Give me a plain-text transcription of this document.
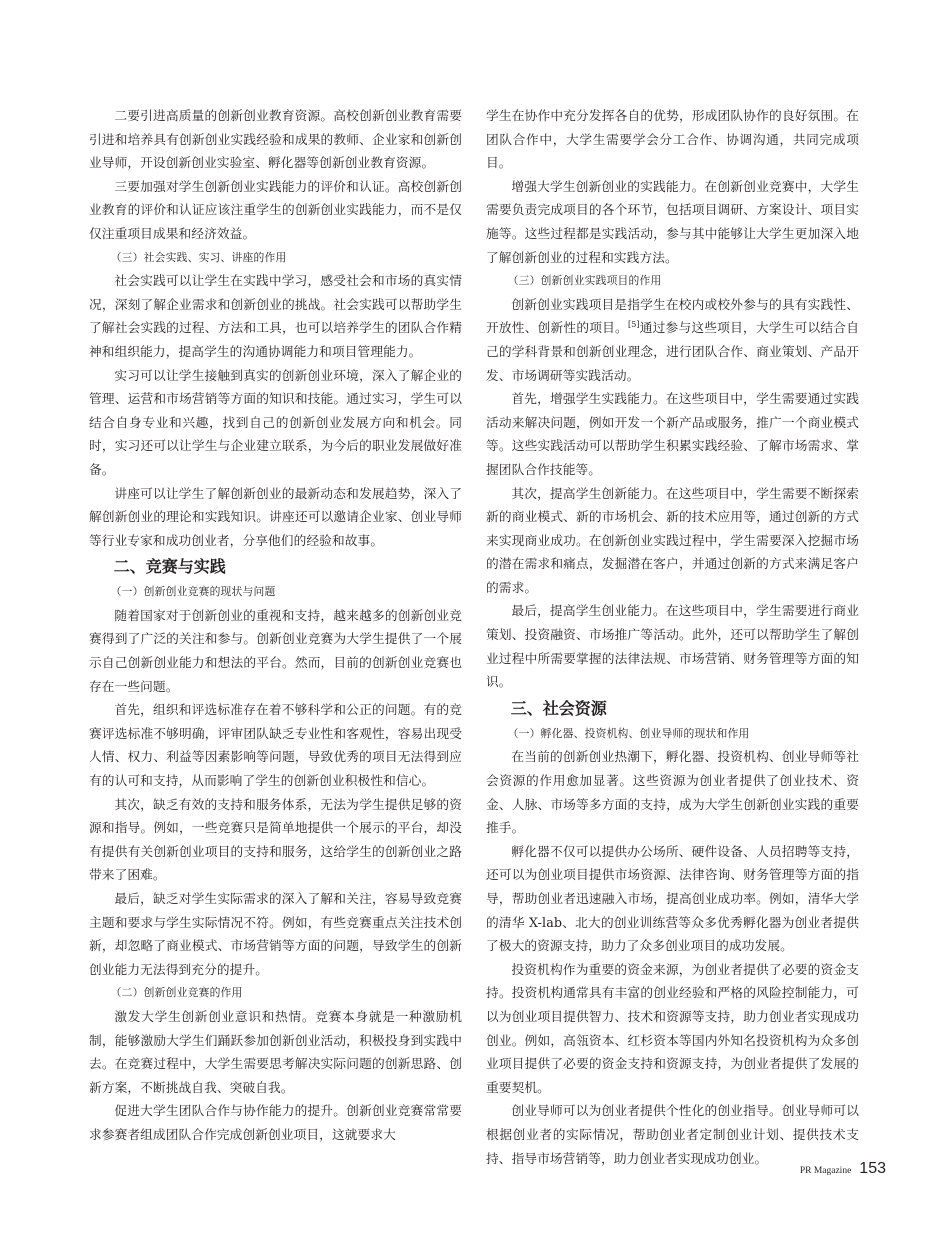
二要引进高质量的创新创业教育资源。高校创新创业教育需要引进和培养具有创新创业实践经验和成果的教师、企业家和创新创业导师，开设创新创业实验室、孵化器等创新创业教育资源。

三要加强对学生创新创业实践能力的评价和认证。高校创新创业教育的评价和认证应该注重学生的创新创业实践能力，而不是仅仅注重项目成果和经济效益。

（三）社会实践、实习、讲座的作用

社会实践可以让学生在实践中学习，感受社会和市场的真实情况，深刻了解企业需求和创新创业的挑战。社会实践可以帮助学生了解社会实践的过程、方法和工具，也可以培养学生的团队合作精神和组织能力，提高学生的沟通协调能力和项目管理能力。

实习可以让学生接触到真实的创新创业环境，深入了解企业的管理、运营和市场营销等方面的知识和技能。通过实习，学生可以结合自身专业和兴趣，找到自己的创新创业发展方向和机会。同时，实习还可以让学生与企业建立联系，为今后的职业发展做好准备。

讲座可以让学生了解创新创业的最新动态和发展趋势，深入了解创新创业的理论和实践知识。讲座还可以邀请企业家、创业导师等行业专家和成功创业者，分享他们的经验和故事。

二、竞赛与实践

（一）创新创业竞赛的现状与问题

随着国家对于创新创业的重视和支持，越来越多的创新创业竞赛得到了广泛的关注和参与。创新创业竞赛为大学生提供了一个展示自己创新创业能力和想法的平台。然而，目前的创新创业竞赛也存在一些问题。

首先，组织和评选标准存在着不够科学和公正的问题。有的竞赛评选标准不够明确，评审团队缺乏专业性和客观性，容易出现受人情、权力、利益等因素影响等问题，导致优秀的项目无法得到应有的认可和支持，从而影响了学生的创新创业积极性和信心。

其次，缺乏有效的支持和服务体系，无法为学生提供足够的资源和指导。例如，一些竞赛只是简单地提供一个展示的平台，却没有提供有关创新创业项目的支持和服务，这给学生的创新创业之路带来了困难。

最后，缺乏对学生实际需求的深入了解和关注，容易导致竞赛主题和要求与学生实际情况不符。例如，有些竞赛重点关注技术创新，却忽略了商业模式、市场营销等方面的问题，导致学生的创新创业能力无法得到充分的提升。

（二）创新创业竞赛的作用

激发大学生创新创业意识和热情。竞赛本身就是一种激励机制，能够激励大学生们踊跃参加创新创业活动，积极投身到实践中去。在竞赛过程中，大学生需要思考解决实际问题的创新思路、创新方案，不断挑战自我、突破自我。

促进大学生团队合作与协作能力的提升。创新创业竞赛常常要求参赛者组成团队合作完成创新创业项目，这就要求大

学生在协作中充分发挥各自的优势，形成团队协作的良好氛围。在团队合作中，大学生需要学会分工合作、协调沟通，共同完成项目。

增强大学生创新创业的实践能力。在创新创业竞赛中，大学生需要负责完成项目的各个环节，包括项目调研、方案设计、项目实施等。这些过程都是实践活动，参与其中能够让大学生更加深入地了解创新创业的过程和实践方法。

（三）创新创业实践项目的作用

创新创业实践项目是指学生在校内或校外参与的具有实践性、开放性、创新性的项目。[5]通过参与这些项目，大学生可以结合自己的学科背景和创新创业理念，进行团队合作、商业策划、产品开发、市场调研等实践活动。

首先，增强学生实践能力。在这些项目中，学生需要通过实践活动来解决问题，例如开发一个新产品或服务，推广一个商业模式等。这些实践活动可以帮助学生积累实践经验、了解市场需求、掌握团队合作技能等。

其次，提高学生创新能力。在这些项目中，学生需要不断探索新的商业模式、新的市场机会、新的技术应用等，通过创新的方式来实现商业成功。在创新创业实践过程中，学生需要深入挖掘市场的潜在需求和痛点，发掘潜在客户，并通过创新的方式来满足客户的需求。

最后，提高学生创业能力。在这些项目中，学生需要进行商业策划、投资融资、市场推广等活动。此外，还可以帮助学生了解创业过程中所需要掌握的法律法规、市场营销、财务管理等方面的知识。

三、社会资源

（一）孵化器、投资机构、创业导师的现状和作用

在当前的创新创业热潮下，孵化器、投资机构、创业导师等社会资源的作用愈加显著。这些资源为创业者提供了创业技术、资金、人脉、市场等多方面的支持，成为大学生创新创业实践的重要推手。

孵化器不仅可以提供办公场所、硬件设备、人员招聘等支持，还可以为创业项目提供市场资源、法律咨询、财务管理等方面的指导，帮助创业者迅速融入市场，提高创业成功率。例如，清华大学的清华 X-lab、北大的创业训练营等众多优秀孵化器为创业者提供了极大的资源支持，助力了众多创业项目的成功发展。

投资机构作为重要的资金来源，为创业者提供了必要的资金支持。投资机构通常具有丰富的创业经验和严格的风险控制能力，可以为创业项目提供智力、技术和资源等支持，助力创业者实现成功创业。例如，高瓴资本、红杉资本等国内外知名投资机构为众多创业项目提供了必要的资金支持和资源支持，为创业者提供了发展的重要契机。

创业导师可以为创业者提供个性化的创业指导。创业导师可以根据创业者的实际情况，帮助创业者定制创业计划、提供技术支持、指导市场营销等，助力创业者实现成功创业。

PR Magazine 153
